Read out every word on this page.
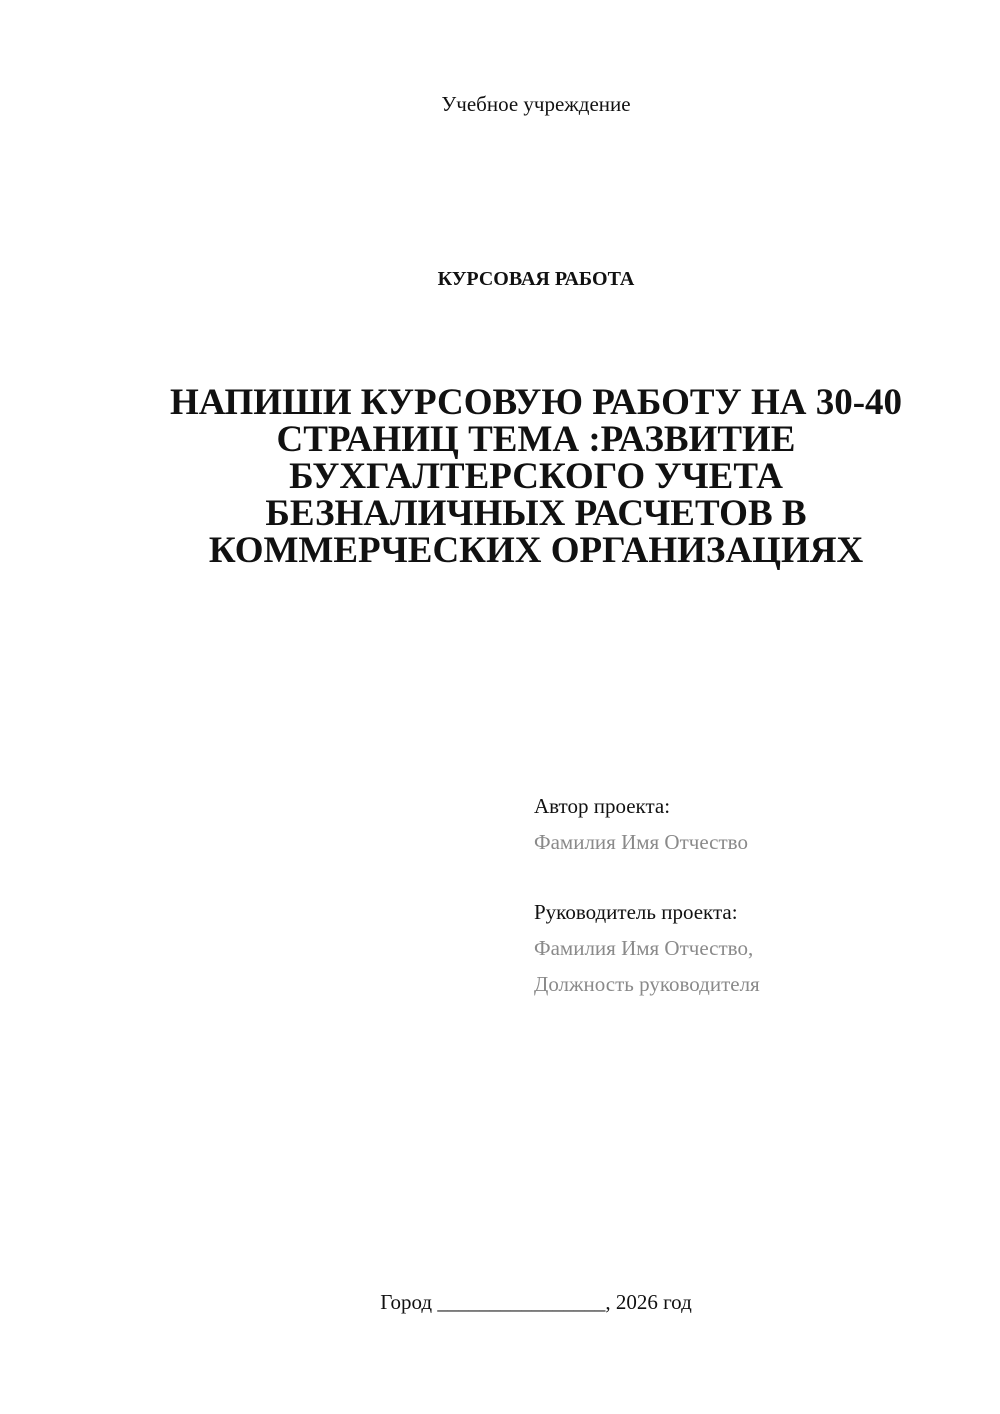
Учебное учреждение
КУРСОВАЯ РАБОТА
НАПИШИ КУРСОВУЮ РАБОТУ НА 30-40
СТРАНИЦ ТЕМА :РАЗВИТИЕ
БУХГАЛТЕРСКОГО УЧЕТА
БЕЗНАЛИЧНЫХ РАСЧЕТОВ В
КОММЕРЧЕСКИХ ОРГАНИЗАЦИЯХ
Автор проекта:
Фамилия Имя Отчество
Руководитель проекта:
Фамилия Имя Отчество,
Должность руководителя
Город ________________, 2026 год
